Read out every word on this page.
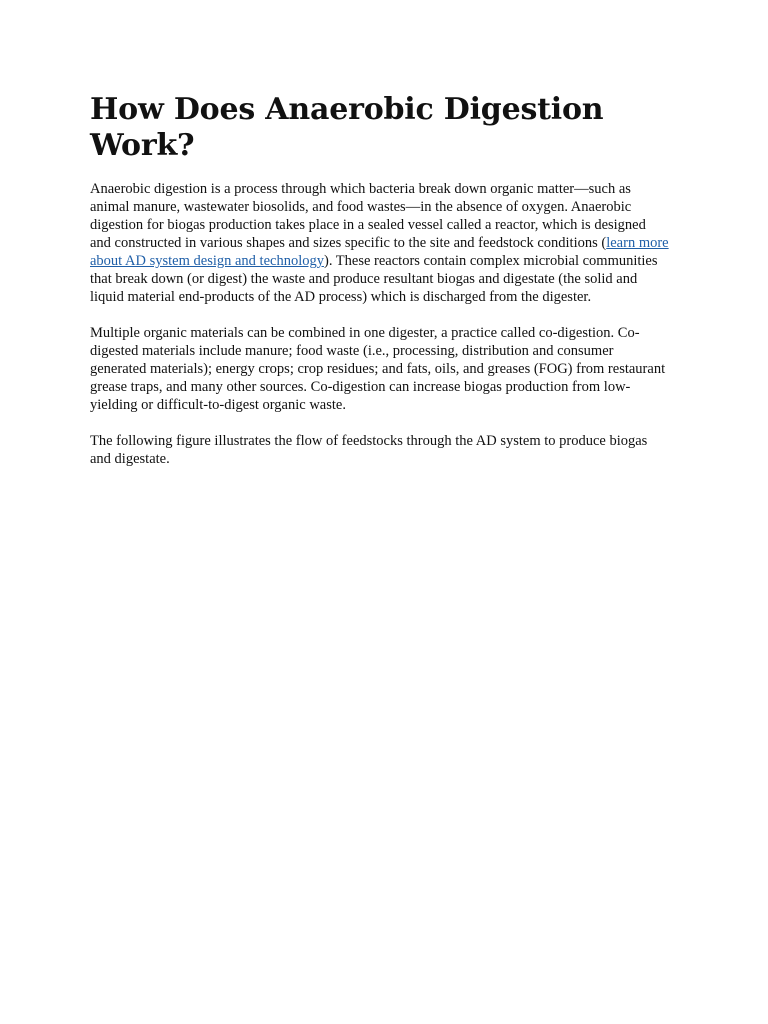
How Does Anaerobic Digestion Work?

Anaerobic digestion is a process through which bacteria break down organic matter—such as animal manure, wastewater biosolids, and food wastes—in the absence of oxygen. Anaerobic digestion for biogas production takes place in a sealed vessel called a reactor, which is designed and constructed in various shapes and sizes specific to the site and feedstock conditions (learn more about AD system design and technology). These reactors contain complex microbial communities that break down (or digest) the waste and produce resultant biogas and digestate (the solid and liquid material end-products of the AD process) which is discharged from the digester.

Multiple organic materials can be combined in one digester, a practice called co-digestion. Co-digested materials include manure; food waste (i.e., processing, distribution and consumer generated materials); energy crops; crop residues; and fats, oils, and greases (FOG) from restaurant grease traps, and many other sources. Co-digestion can increase biogas production from low-yielding or difficult-to-digest organic waste.

The following figure illustrates the flow of feedstocks through the AD system to produce biogas and digestate.
